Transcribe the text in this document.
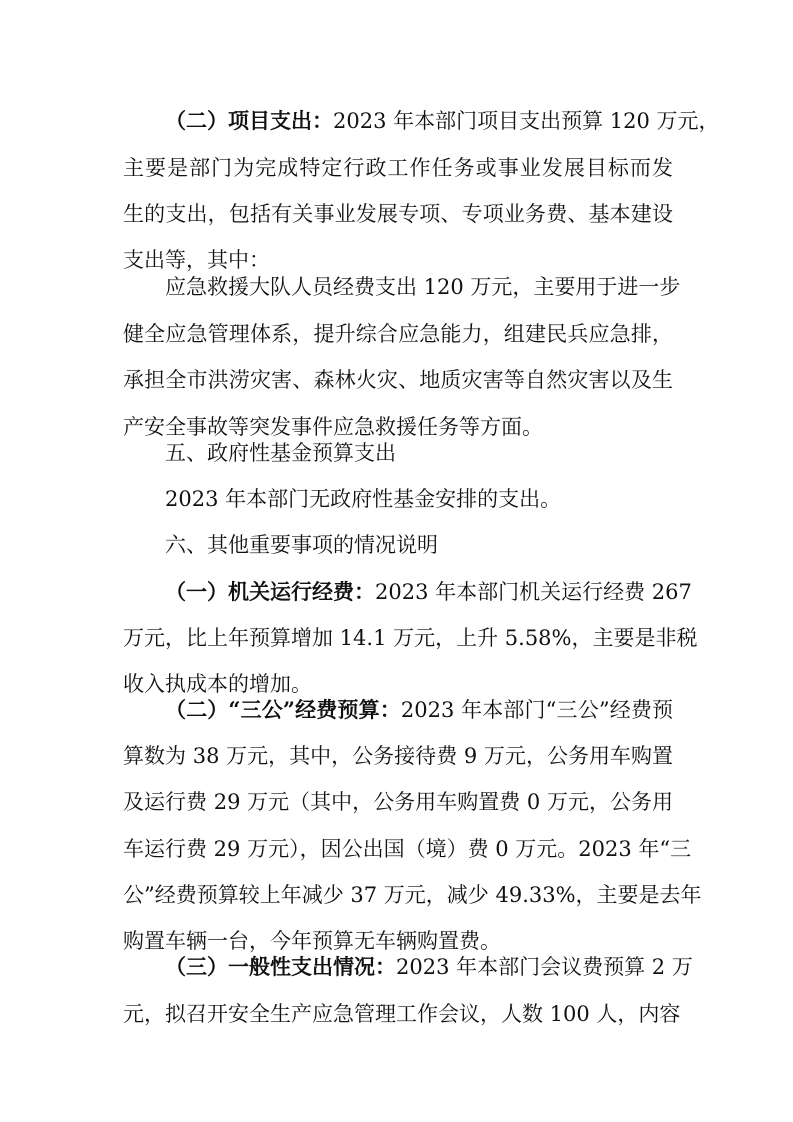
（二）项目支出：2023 年本部门项目支出预算 120 万元，
主要是部门为完成特定行政工作任务或事业发展目标而发
生的支出，包括有关事业发展专项、专项业务费、基本建设
支出等，其中：
应急救援大队人员经费支出 120 万元，主要用于进一步
健全应急管理体系，提升综合应急能力，组建民兵应急排，
承担全市洪涝灾害、森林火灾、地质灾害等自然灾害以及生
产安全事故等突发事件应急救援任务等方面。
五、政府性基金预算支出
2023 年本部门无政府性基金安排的支出。
六、其他重要事项的情况说明
（一）机关运行经费：2023 年本部门机关运行经费 267
万元，比上年预算增加 14.1 万元，上升 5.58%，主要是非税
收入执成本的增加。
（二）“三公”经费预算：2023 年本部门“三公”经费预
算数为 38 万元，其中，公务接待费 9 万元，公务用车购置
及运行费 29 万元（其中，公务用车购置费 0 万元，公务用
车运行费 29 万元），因公出国（境）费 0 万元。2023 年“三
公”经费预算较上年减少 37 万元，减少 49.33%，主要是去年
购置车辆一台，今年预算无车辆购置费。
（三）一般性支出情况：2023 年本部门会议费预算 2 万
元，拟召开安全生产应急管理工作会议，人数 100 人，内容
